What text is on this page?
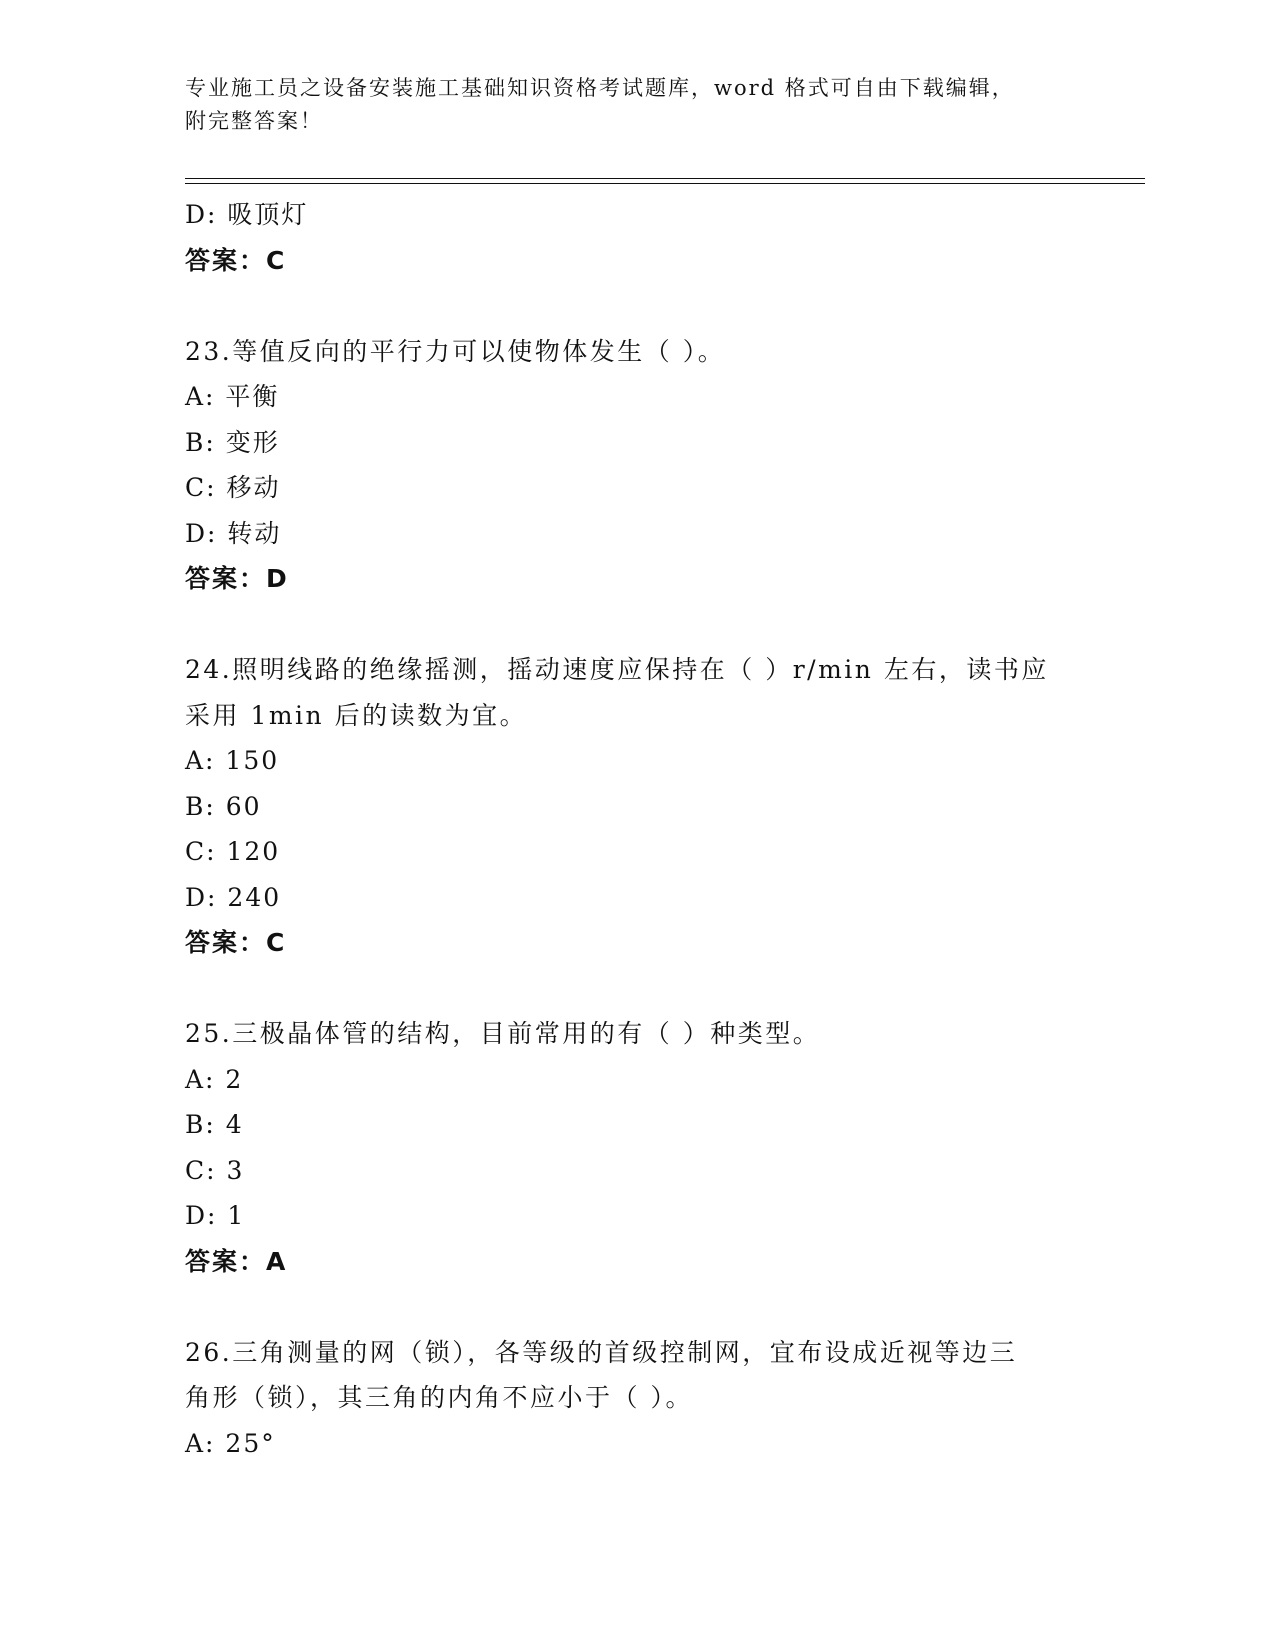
专业施工员之设备安装施工基础知识资格考试题库，word 格式可自由下载编辑，
附完整答案！
D: 吸顶灯
答案：C
23.等值反向的平行力可以使物体发生（ ）。
A: 平衡
B: 变形
C: 移动
D: 转动
答案：D
24.照明线路的绝缘摇测，摇动速度应保持在（ ）r/min 左右，读书应
采用 1min 后的读数为宜。
A: 150
B: 60
C: 120
D: 240
答案：C
25.三极晶体管的结构，目前常用的有（ ）种类型。
A: 2
B: 4
C: 3
D: 1
答案：A
26.三角测量的网（锁），各等级的首级控制网，宜布设成近视等边三
角形（锁），其三角的内角不应小于（ ）。
A: 25°
